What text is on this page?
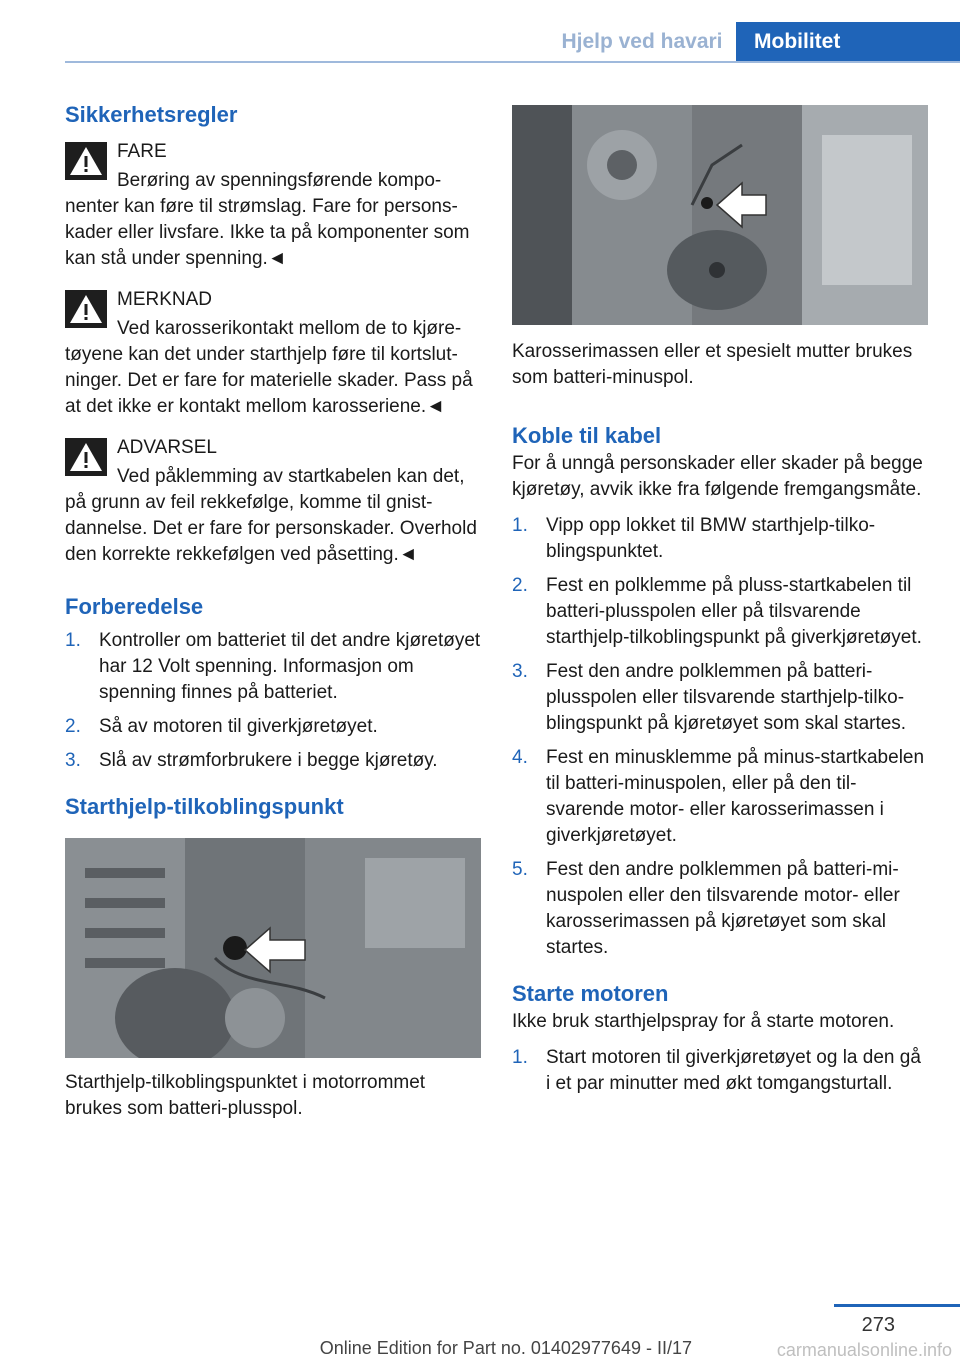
Hjelp ved havari	Mobilitet
Sikkerhetsregler
FARE

Berøring av spenningsførende komponenter kan føre til strømslag. Fare for personskader eller livsfare. Ikke ta på komponenter som kan stå under spenning.◄

MERKNAD

Ved karosserikontakt mellom de to kjøretøyene kan det under starthjelp føre til kortslutninger. Det er fare for materielle skader. Pass på at det ikke er kontakt mellom karosseriene.◄

ADVARSEL

Ved påklemming av startkabelen kan det, på grunn av feil rekkefølge, komme til gnistdannelse. Det er fare for personskader. Overhold den korrekte rekkefølgen ved påsetting.◄

Forberedelse
1. Kontroller om batteriet til det andre kjøretøyet har 12 Volt spenning. Informasjon om spenning finnes på batteriet.
2. Så av motoren til giverkjøretøyet.
3. Slå av strømforbrukere i begge kjøretøy.
Starthjelp-tilkoblingspunkt

Starthjelp-tilkoblingspunktet i motorrommet brukes som batteri-plusspol.

Karosserimassen eller et spesielt mutter brukes som batteri-minuspol.

Koble til kabel

For å unngå personskader eller skader på begge kjøretøy, avvik ikke fra følgende fremgangsmåte.

1. Vipp opp lokket til BMW starthjelp-tilkoblingspunktet.
2. Fest en polklemme på pluss-startkabelen til batteri-plusspolen eller på tilsvarende starthjelp-tilkoblingspunkt på giverkjøretøyet.
3. Fest den andre polklemmen på batteri-plusspolen eller tilsvarende starthjelp-tilkoblingspunkt på kjøretøyet som skal startes.
4. Fest en minusklemme på minus-startkabelen til batteri-minuspolen, eller på den tilsvarende motor- eller karosserimassen i giverkjøretøyet.
5. Fest den andre polklemmen på batteri-minuspolen eller den tilsvarende motor- eller karosserimassen på kjøretøyet som skal startes.
Starte motoren

Ikke bruk starthjelpspray for å starte motoren.

1. Start motoren til giverkjøretøyet og la den gå i et par minutter med økt tomgangsturtall.
273
Online Edition for Part no. 01402977649 - II/17	carmanualsonline.info
